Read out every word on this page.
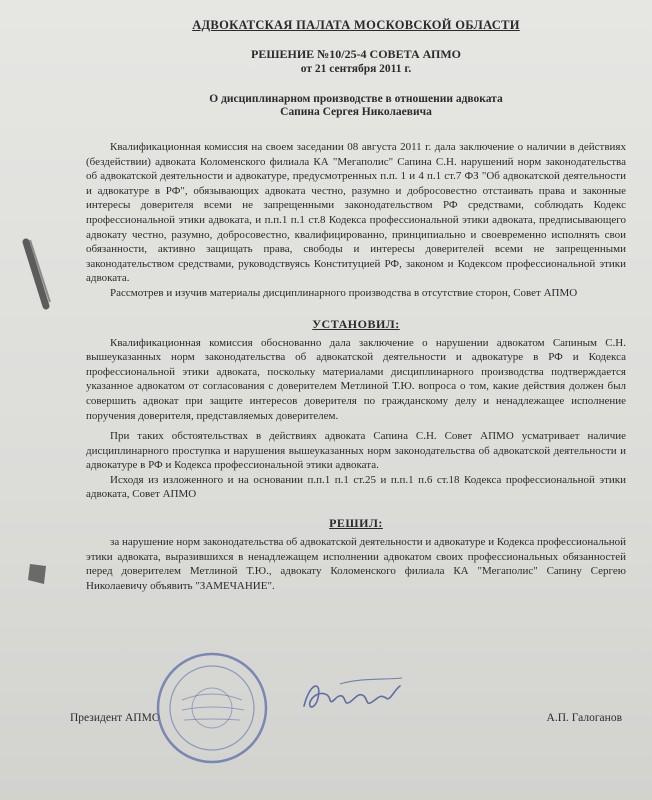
АДВОКАТСКАЯ ПАЛАТА МОСКОВСКОЙ ОБЛАСТИ
РЕШЕНИЕ №10/25-4 СОВЕТА АПМО
от 21 сентября 2011 г.
О дисциплинарном производстве в отношении адвоката
Сапина Сергея Николаевича

Квалификационная комиссия на своем заседании 08 августа 2011 г. дала заключение о наличии в действиях (бездействии) адвоката Коломенского филиала КА "Мегаполис" Сапина С.Н. нарушений норм законодательства об адвокатской деятельности и адвокатуре, предусмотренных п.п. 1 и 4 п.1 ст.7 ФЗ "Об адвокатской деятельности и адвокатуре в РФ", обязывающих адвоката честно, разумно и добросовестно отстаивать права и законные интересы доверителя всеми не запрещенными законодательством РФ средствами, соблюдать Кодекс профессиональной этики адвоката, и п.п.1 п.1 ст.8 Кодекса профессиональной этики адвоката, предписывающего адвокату честно, разумно, добросовестно, квалифицированно, принципиально и своевременно исполнять свои обязанности, активно защищать права, свободы и интересы доверителей всеми не запрещенными законодательством средствами, руководствуясь Конституцией РФ, законом и Кодексом профессиональной этики адвоката.

Рассмотрев и изучив материалы дисциплинарного производства в отсутствие сторон, Совет АПМО

УСТАНОВИЛ:

Квалификационная комиссия обоснованно дала заключение о нарушении адвокатом Сапиным С.Н. вышеуказанных норм законодательства об адвокатской деятельности и адвокатуре в РФ и Кодекса профессиональной этики адвоката, поскольку материалами дисциплинарного производства подтверждается указанное адвокатом от согласования с доверителем Метлиной Т.Ю. вопроса о том, какие действия должен был совершить адвокат при защите интересов доверителя по гражданскому делу и ненадлежащее исполнение поручения доверителя, представляемых доверителем.

При таких обстоятельствах в действиях адвоката Сапина С.Н. Совет АПМО усматривает наличие дисциплинарного проступка и нарушения вышеуказанных норм законодательства об адвокатской деятельности и адвокатуре в РФ и Кодекса профессиональной этики адвоката.

Исходя из изложенного и на основании п.п.1 п.1 ст.25 и п.п.1 п.6 ст.18 Кодекса профессиональной этики адвоката, Совет АПМО

РЕШИЛ:

за нарушение норм законодательства об адвокатской деятельности и адвокатуре и Кодекса профессиональной этики адвоката, выразившихся в ненадлежащем исполнении адвокатом своих профессиональных обязанностей перед доверителем Метлиной Т.Ю., адвокату Коломенского филиала КА "Мегаполис" Сапину Сергею Николаевичу объявить "ЗАМЕЧАНИЕ".

Президент АПМО	А.П. Галоганов
